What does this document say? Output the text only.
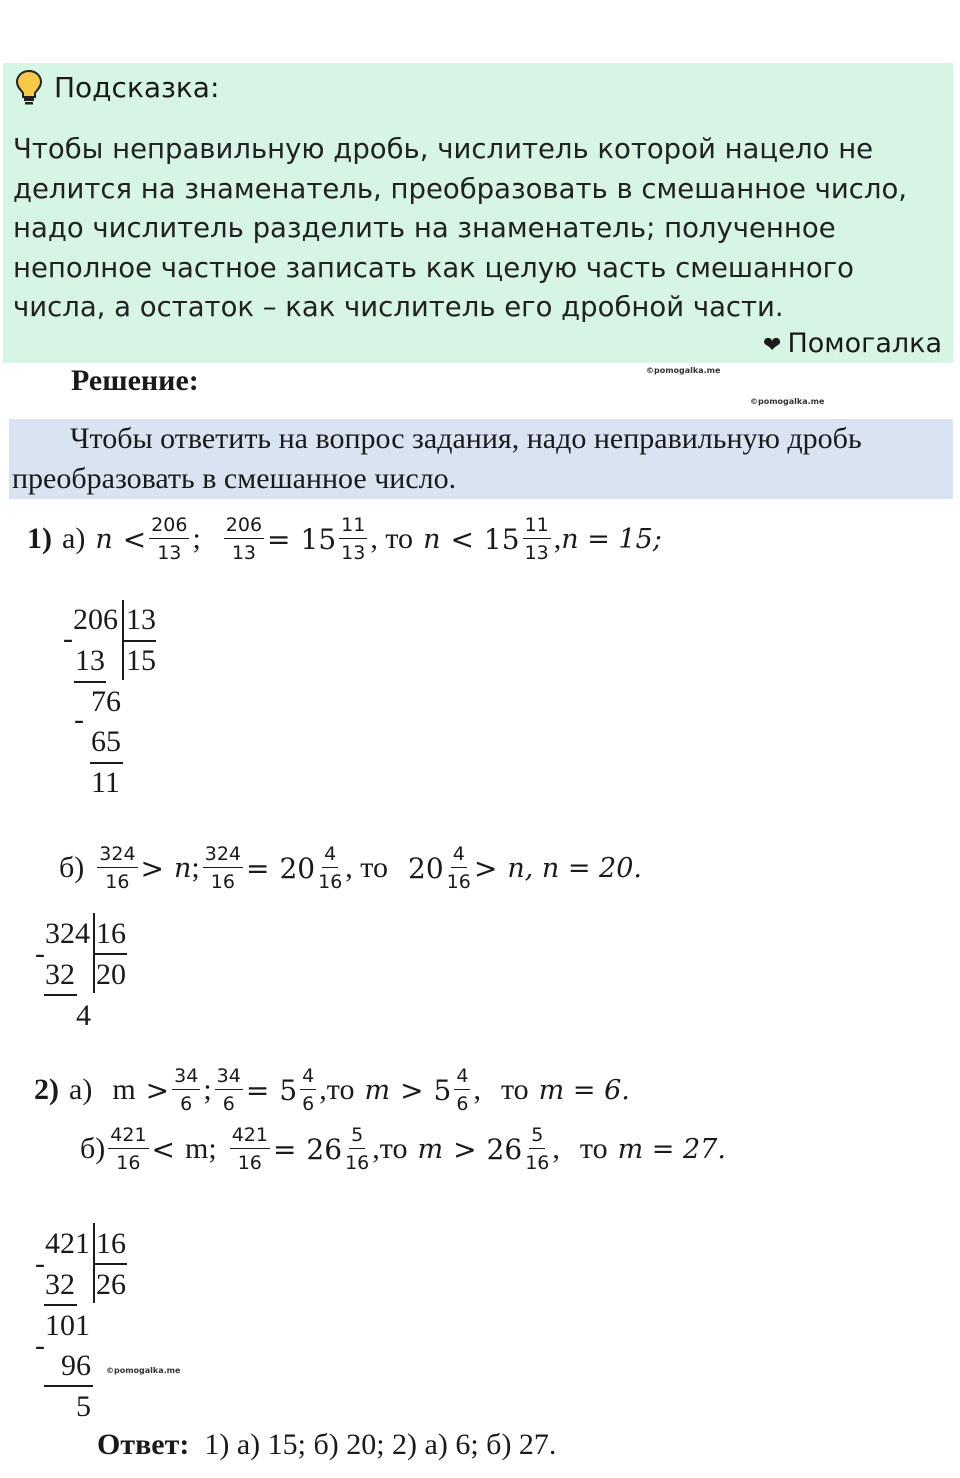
Подсказка:
Чтобы неправильную дробь, числитель которой нацело не делится на знаменатель, преобразовать в смешанное число, надо числитель разделить на знаменатель; полученное неполное частное записать как целую часть смешанного числа, а остаток – как числитель его дробной части.
❤ Помогалка
©pomogalka.me
©pomogalka.me
Решение:
Чтобы ответить на вопрос задания, надо неправильную дробь преобразовать в смешанное число.
1) а) $n < \frac{206}{13}$ ; $\frac{206}{13} = 15 \frac{11}{13}$ , то $n < 15 \frac{11}{13}$ , n = 15;
206 13
-
13 15
76
-
65
11
$б) \frac{324}{16} > n$ ; $\frac{324}{16} = 20 \frac{4}{16}$ , то $20 \frac{4}{16} > n$, n = 20.
324 16
-
32 20
4
2) а) $m > \frac{34}{6}$ ; $\frac{34}{6} = 5 \frac{4}{6} ,то$ $m > 5 \frac{4}{6}$ , то m = 6.
$б) \frac{421}{16} < m$ ; $\frac{421}{16} = 26 \frac{5}{16} ,то$ $m > 26 \frac{5}{16}$ , то m = 27.
421 16
-
32 26
101
-
96
5
©pomogalka.me
Ответ: 1) а) 15; б) 20; 2) а) 6; б) 27.
